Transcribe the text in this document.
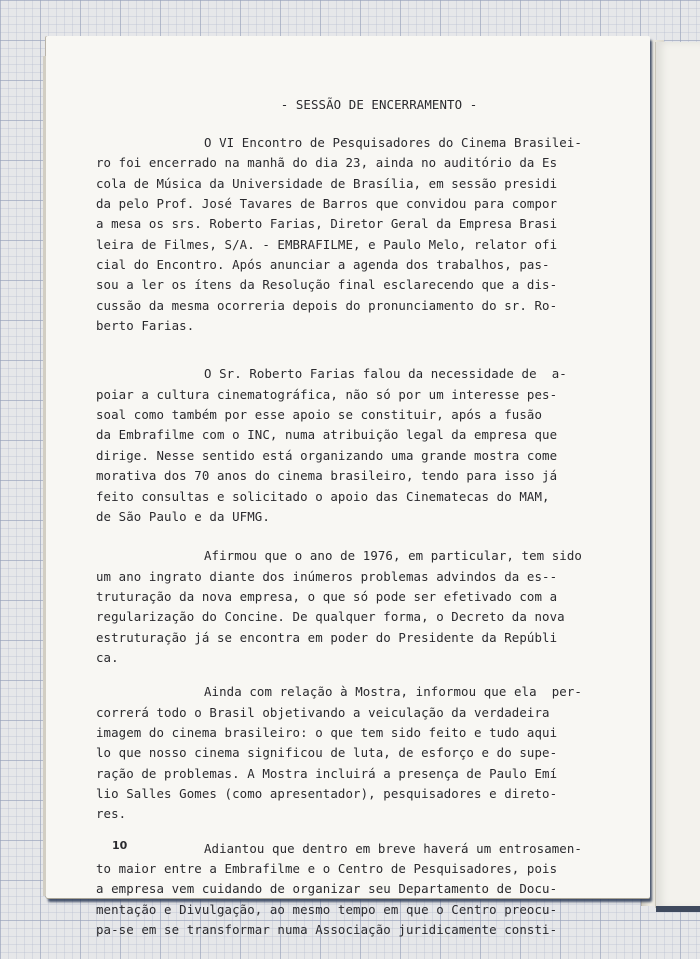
- SESSÃO DE ENCERRAMENTO -
O VI Encontro de Pesquisadores do Cinema Brasilei-
ro foi encerrado na manhã do dia 23, ainda no auditório da Es
cola de Música da Universidade de Brasília, em sessão presidi
da pelo Prof. José Tavares de Barros que convidou para compor
a mesa os srs. Roberto Farias, Diretor Geral da Empresa Brasi
leira de Filmes, S/A. - EMBRAFILME, e Paulo Melo, relator ofi
cial do Encontro. Após anunciar a agenda dos trabalhos, pas-
sou a ler os ítens da Resolução final esclarecendo que a dis-
cussão da mesma ocorreria depois do pronunciamento do sr. Ro-
berto Farias.
O Sr. Roberto Farias falou da necessidade de  a-
poiar a cultura cinematográfica, não só por um interesse pes-
soal como também por esse apoio se constituir, após a fusão
da Embrafilme com o INC, numa atribuição legal da empresa que
dirige. Nesse sentido está organizando uma grande mostra come
morativa dos 70 anos do cinema brasileiro, tendo para isso já
feito consultas e solicitado o apoio das Cinematecas do MAM,
de São Paulo e da UFMG.
Afirmou que o ano de 1976, em particular, tem sido
um ano ingrato diante dos inúmeros problemas advindos da es--
truturação da nova empresa, o que só pode ser efetivado com a
regularização do Concine. De qualquer forma, o Decreto da nova
estruturação já se encontra em poder do Presidente da Repúbli
ca.
Ainda com relação à Mostra, informou que ela  per-
correrá todo o Brasil objetivando a veiculação da verdadeira
imagem do cinema brasileiro: o que tem sido feito e tudo aqui
lo que nosso cinema significou de luta, de esforço e do supe-
ração de problemas. A Mostra incluirá a presença de Paulo Emí
lio Salles Gomes (como apresentador), pesquisadores e direto-
res.
Adiantou que dentro em breve haverá um entrosamen-
to maior entre a Embrafilme e o Centro de Pesquisadores, pois
a empresa vem cuidando de organizar seu Departamento de Docu-
mentação e Divulgação, ao mesmo tempo em que o Centro preocu-
pa-se em se transformar numa Associação juridicamente consti-
10
